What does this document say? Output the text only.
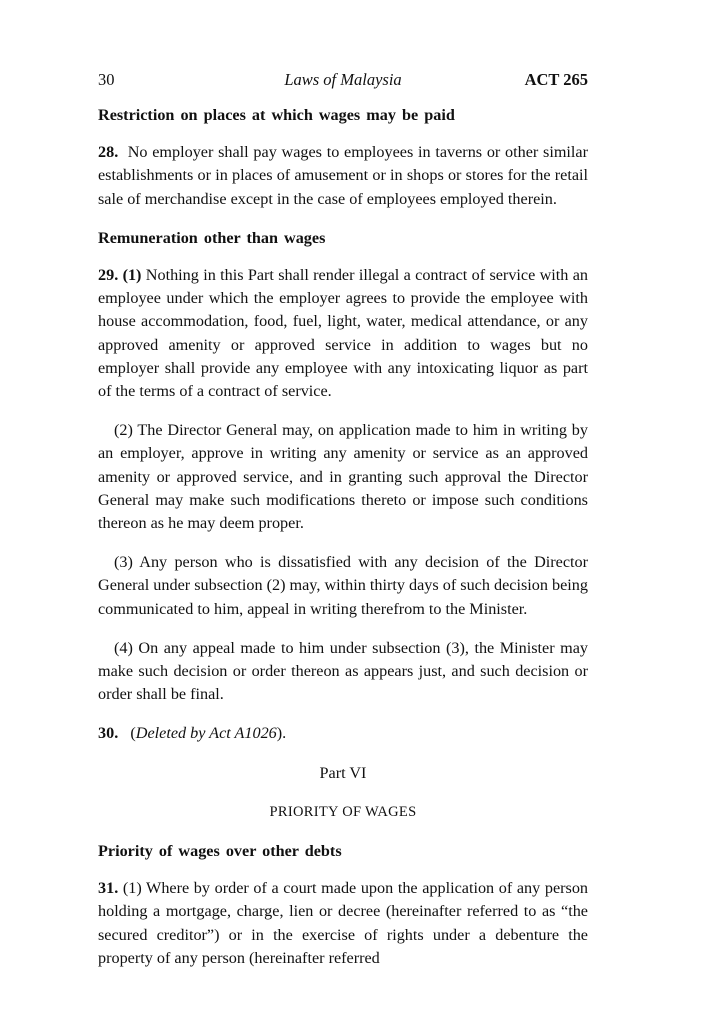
30	Laws of Malaysia	ACT 265
Restriction on places at which wages may be paid

28. No employer shall pay wages to employees in taverns or other similar establishments or in places of amusement or in shops or stores for the retail sale of merchandise except in the case of employees employed therein.

Remuneration other than wages

29. (1) Nothing in this Part shall render illegal a contract of service with an employee under which the employer agrees to provide the employee with house accommodation, food, fuel, light, water, medical attendance, or any approved amenity or approved service in addition to wages but no employer shall provide any employee with any intoxicating liquor as part of the terms of a contract of service.

(2) The Director General may, on application made to him in writing by an employer, approve in writing any amenity or service as an approved amenity or approved service, and in granting such approval the Director General may make such modifications thereto or impose such conditions thereon as he may deem proper.

(3) Any person who is dissatisfied with any decision of the Director General under subsection (2) may, within thirty days of such decision being communicated to him, appeal in writing therefrom to the Minister.

(4) On any appeal made to him under subsection (3), the Minister may make such decision or order thereon as appears just, and such decision or order shall be final.

30. (Deleted by Act A1026).

Part VI
PRIORITY OF WAGES
Priority of wages over other debts

31. (1) Where by order of a court made upon the application of any person holding a mortgage, charge, lien or decree (hereinafter referred to as “the secured creditor”) or in the exercise of rights under a debenture the property of any person (hereinafter referred
